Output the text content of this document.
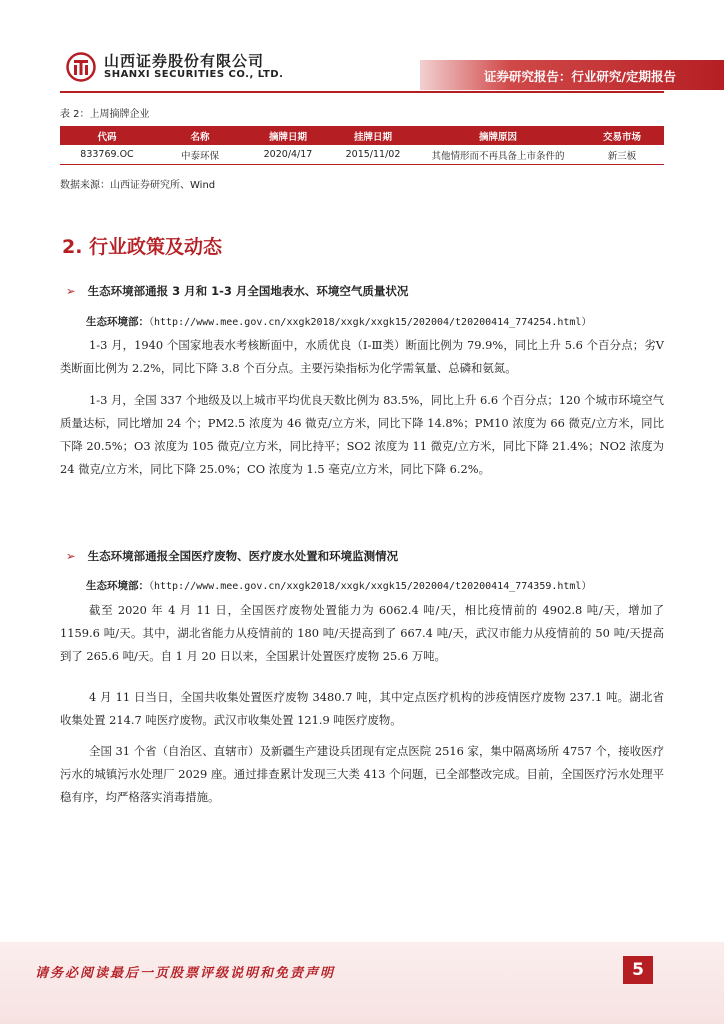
山西证券股份有限公司
SHANXI SECURITIES CO., LTD.	证券研究报告：行业研究/定期报告
表 2：上周摘牌企业
代码	名称	摘牌日期	挂牌日期	摘牌原因	交易市场
833769.OC	中泰环保	2020/4/17	2015/11/02	其他情形而不再具备上市条件的	新三板
数据来源：山西证券研究所、Wind
2. 行业政策及动态
➢ 生态环境部通报 3 月和 1-3 月全国地表水、环境空气质量状况
生态环境部：（http://www.mee.gov.cn/xxgk2018/xxgk/xxgk15/202004/t20200414_774254.html）
1-3 月，1940 个国家地表水考核断面中，水质优良（Ⅰ-Ⅲ类）断面比例为 79.9%，同比上升 5.6 个百分点；劣Ⅴ类断面比例为 2.2%，同比下降 3.8 个百分点。主要污染指标为化学需氧量、总磷和氨氮。
1-3 月，全国 337 个地级及以上城市平均优良天数比例为 83.5%，同比上升 6.6 个百分点；120 个城市环境空气质量达标，同比增加 24 个；PM2.5 浓度为 46 微克/立方米，同比下降 14.8%；PM10 浓度为 66 微克/立方米，同比下降 20.5%；O3 浓度为 105 微克/立方米，同比持平；SO2 浓度为 11 微克/立方米，同比下降 21.4%；NO2 浓度为 24 微克/立方米，同比下降 25.0%；CO 浓度为 1.5 毫克/立方米，同比下降 6.2%。
➢ 生态环境部通报全国医疗废物、医疗废水处置和环境监测情况
生态环境部：（http://www.mee.gov.cn/xxgk2018/xxgk/xxgk15/202004/t20200414_774359.html）
截至 2020 年 4 月 11 日，全国医疗废物处置能力为 6062.4 吨/天，相比疫情前的 4902.8 吨/天，增加了 1159.6 吨/天。其中，湖北省能力从疫情前的 180 吨/天提高到了 667.4 吨/天，武汉市能力从疫情前的 50 吨/天提高到了 265.6 吨/天。自 1 月 20 日以来，全国累计处置医疗废物 25.6 万吨。
4 月 11 日当日，全国共收集处置医疗废物 3480.7 吨，其中定点医疗机构的涉疫情医疗废物 237.1 吨。湖北省收集处置 214.7 吨医疗废物。武汉市收集处置 121.9 吨医疗废物。
全国 31 个省（自治区、直辖市）及新疆生产建设兵团现有定点医院 2516 家，集中隔离场所 4757 个，接收医疗污水的城镇污水处理厂 2029 座。通过排查累计发现三大类 413 个问题，已全部整改完成。目前，全国医疗污水处理平稳有序，均严格落实消毒措施。
请务必阅读最后一页股票评级说明和免责声明	5
